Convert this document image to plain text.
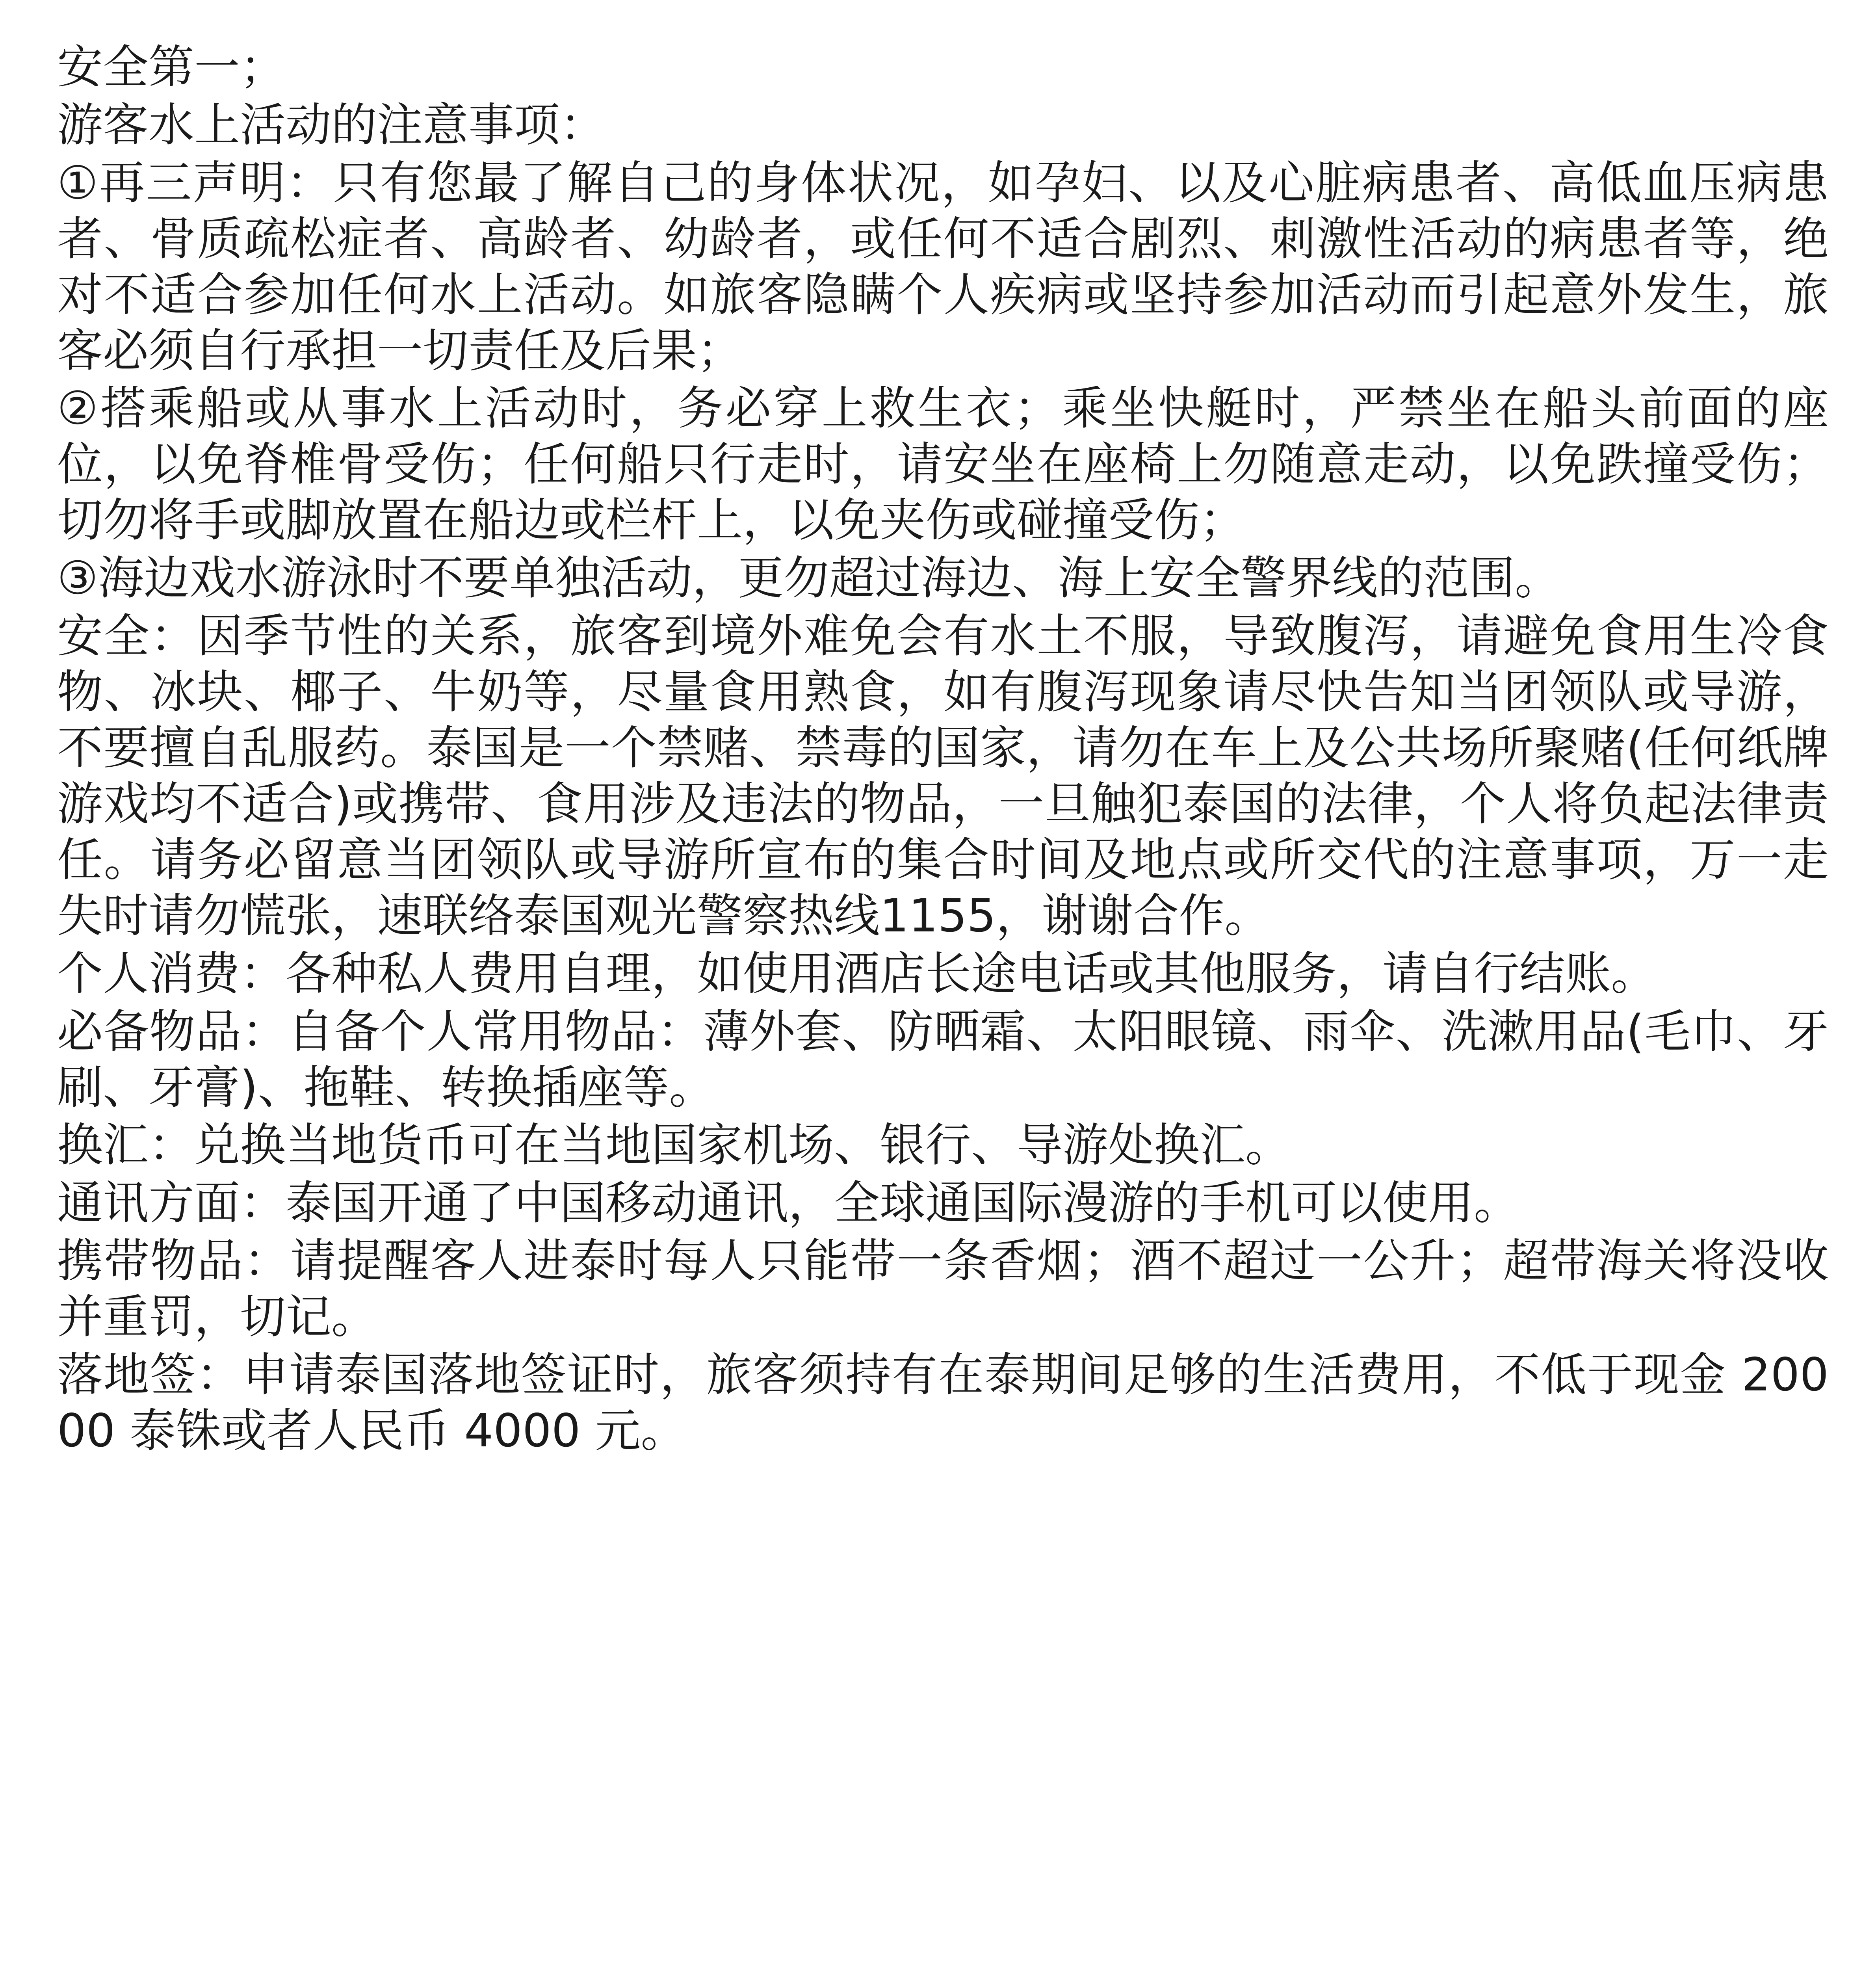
安全第一；

游客水上活动的注意事项：

①再三声明：只有您最了解自己的身体状况，如孕妇、以及心脏病患者、高低血压病患者、骨质疏松症者、高龄者、幼龄者，或任何不适合剧烈、刺激性活动的病患者等，绝对不适合参加任何水上活动。如旅客隐瞒个人疾病或坚持参加活动而引起意外发生，旅客必须自行承担一切责任及后果；

②搭乘船或从事水上活动时，务必穿上救生衣；乘坐快艇时，严禁坐在船头前面的座位，以免脊椎骨受伤；任何船只行走时，请安坐在座椅上勿随意走动，以免跌撞受伤；切勿将手或脚放置在船边或栏杆上，以免夹伤或碰撞受伤；

③海边戏水游泳时不要单独活动，更勿超过海边、海上安全警界线的范围。

安全：因季节性的关系，旅客到境外难免会有水土不服，导致腹泻，请避免食用生冷食物、冰块、椰子、牛奶等，尽量食用熟食，如有腹泻现象请尽快告知当团领队或导游，不要擅自乱服药。泰国是一个禁赌、禁毒的国家，请勿在车上及公共场所聚赌(任何纸牌游戏均不适合)或携带、食用涉及违法的物品，一旦触犯泰国的法律，个人将负起法律责任。请务必留意当团领队或导游所宣布的集合时间及地点或所交代的注意事项，万一走失时请勿慌张，速联络泰国观光警察热线1155，谢谢合作。

个人消费：各种私人费用自理，如使用酒店长途电话或其他服务，请自行结账。

必备物品：自备个人常用物品：薄外套、防晒霜、太阳眼镜、雨伞、洗漱用品(毛巾、牙刷、牙膏)、拖鞋、转换插座等。

换汇：兑换当地货币可在当地国家机场、银行、导游处换汇。

通讯方面：泰国开通了中国移动通讯，全球通国际漫游的手机可以使用。

携带物品：请提醒客人进泰时每人只能带一条香烟；酒不超过一公升；超带海关将没收并重罚，切记。

落地签：申请泰国落地签证时，旅客须持有在泰期间足够的生活费用，不低于现金 20000 泰铢或者人民币 4000 元。
